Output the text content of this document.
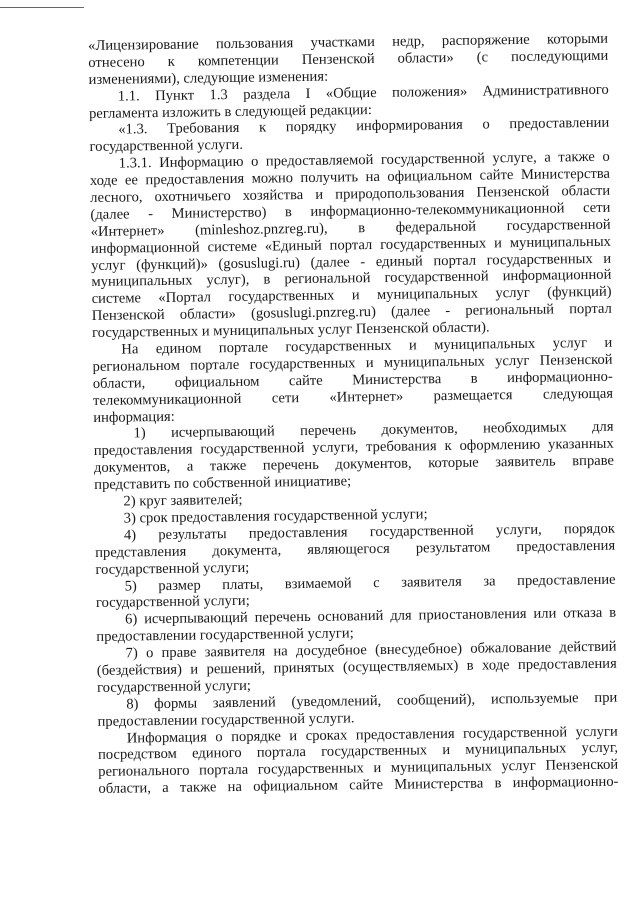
«Лицензирование пользования участками недр, распоряжение которыми
отнесено к компетенции Пензенской области» (с последующими
изменениями), следующие изменения:
1.1. Пункт 1.3 раздела I «Общие положения» Административного
регламента изложить в следующей редакции:
«1.3. Требования к порядку информирования о предоставлении
государственной услуги.
1.3.1. Информацию о предоставляемой государственной услуге, а также о
ходе ее предоставления можно получить на официальном сайте Министерства
лесного, охотничьего хозяйства и природопользования Пензенской области
(далее - Министерство) в информационно-телекоммуникационной сети
«Интернет» (minleshoz.pnzreg.ru), в федеральной государственной
информационной системе «Единый портал государственных и муниципальных
услуг (функций)» (gosuslugi.ru) (далее - единый портал государственных и
муниципальных услуг), в региональной государственной информационной
системе «Портал государственных и муниципальных услуг (функций)
Пензенской области» (gosuslugi.pnzreg.ru) (далее - региональный портал
государственных и муниципальных услуг Пензенской области).
На едином портале государственных и муниципальных услуг и
региональном портале государственных и муниципальных услуг Пензенской
области, официальном сайте Министерства в информационно-
телекоммуникационной сети «Интернет» размещается следующая
информация:
1) исчерпывающий перечень документов, необходимых для
предоставления государственной услуги, требования к оформлению указанных
документов, а также перечень документов, которые заявитель вправе
представить по собственной инициативе;
2) круг заявителей;
3) срок предоставления государственной услуги;
4) результаты предоставления государственной услуги, порядок
представления документа, являющегося результатом предоставления
государственной услуги;
5) размер платы, взимаемой с заявителя за предоставление
государственной услуги;
6) исчерпывающий перечень оснований для приостановления или отказа в
предоставлении государственной услуги;
7) о праве заявителя на досудебное (внесудебное) обжалование действий
(бездействия) и решений, принятых (осуществляемых) в ходе предоставления
государственной услуги;
8) формы заявлений (уведомлений, сообщений), используемые при
предоставлении государственной услуги.
Информация о порядке и сроках предоставления государственной услуги
посредством единого портала государственных и муниципальных услуг,
регионального портала государственных и муниципальных услуг Пензенской
области, а также на официальном сайте Министерства в информационно-
